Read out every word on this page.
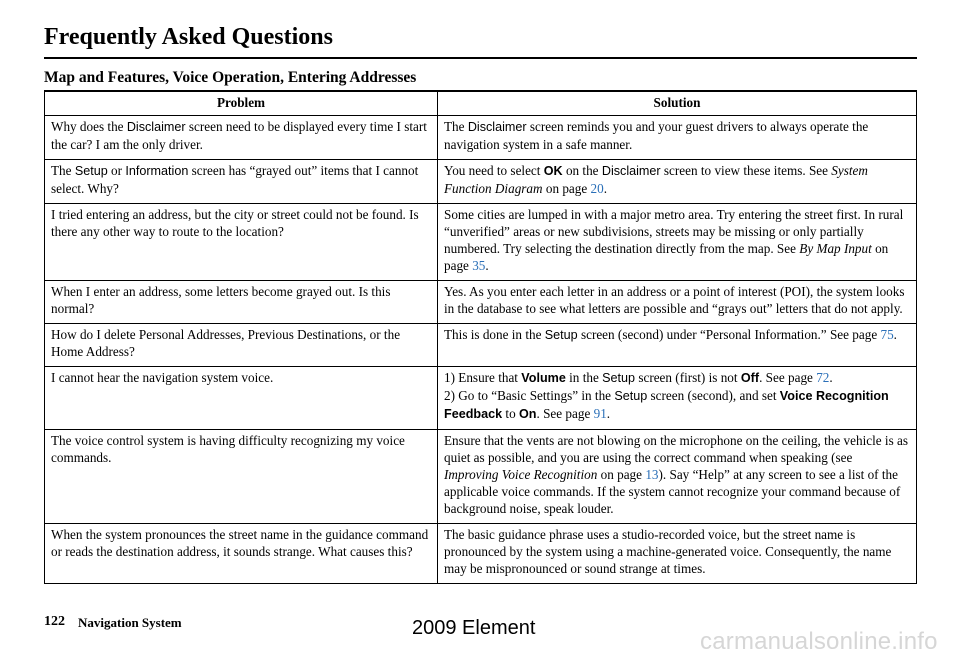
Frequently Asked Questions
Map and Features, Voice Operation, Entering Addresses
Problem	Solution
Why does the Disclaimer screen need to be displayed every time I start the car? I am the only driver.	The Disclaimer screen reminds you and your guest drivers to always operate the navigation system in a safe manner.
The Setup or Information screen has “grayed out” items that I cannot select. Why?	You need to select OK on the Disclaimer screen to view these items. See System Function Diagram on page 20.
I tried entering an address, but the city or street could not be found. Is there any other way to route to the location?	Some cities are lumped in with a major metro area. Try entering the street first. In rural “unverified” areas or new subdivisions, streets may be missing or only partially numbered. Try selecting the destination directly from the map. See By Map Input on page 35.
When I enter an address, some letters become grayed out. Is this normal?	Yes. As you enter each letter in an address or a point of interest (POI), the system looks in the database to see what letters are possible and “grays out” letters that do not apply.
How do I delete Personal Addresses, Previous Destinations, or the Home Address?	This is done in the Setup screen (second) under “Personal Information.” See page 75.
I cannot hear the navigation system voice.	1) Ensure that Volume in the Setup screen (first) is not Off. See page 72.
2) Go to “Basic Settings” in the Setup screen (second), and set Voice Recognition Feedback to On. See page 91.

The voice control system is having difficulty recognizing my voice commands.	Ensure that the vents are not blowing on the microphone on the ceiling, the vehicle is as quiet as possible, and you are using the correct command when speaking (see Improving Voice Recognition on page 13). Say “Help” at any screen to see a list of the applicable voice commands. If the system cannot recognize your command because of background noise, speak louder.
When the system pronounces the street name in the guidance command or reads the destination address, it sounds strange. What causes this?	The basic guidance phrase uses a studio-recorded voice, but the street name is pronounced by the system using a machine-generated voice. Consequently, the name may be mispronounced or sound strange at times.
122 Navigation System	2009 Element	carmanualsonline.info
